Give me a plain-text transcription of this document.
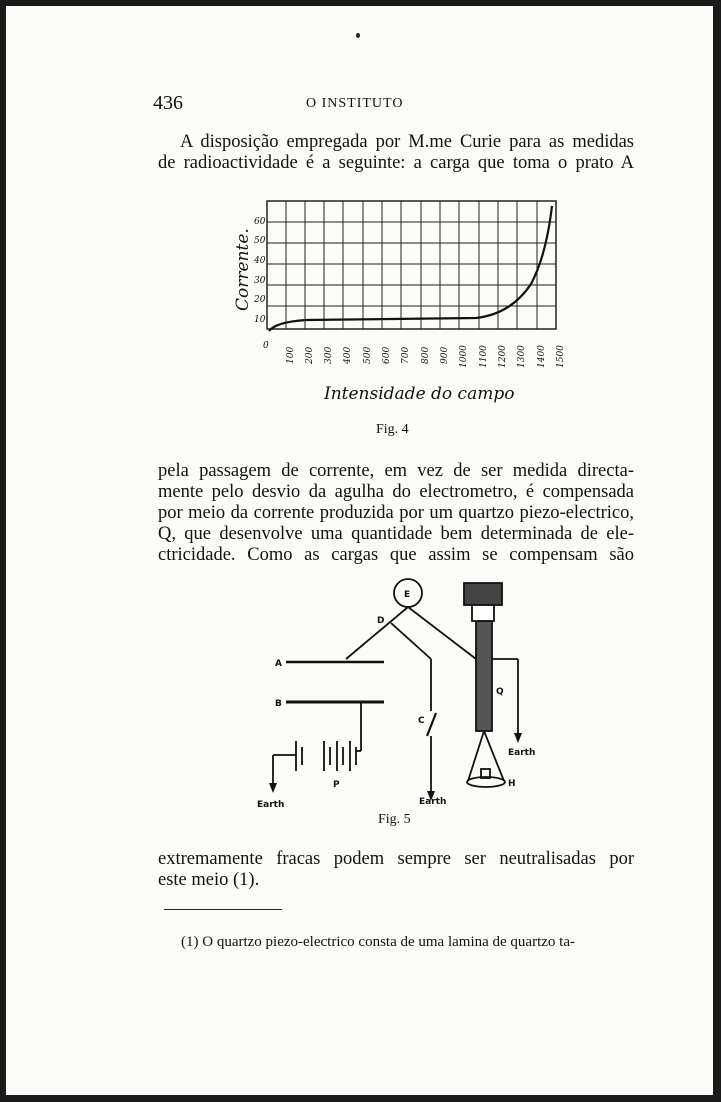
436	O INSTITUTO
A disposição empregada por M.me Curie para as medidas
de radioactividade é a seguinte: a carga que toma o prato A
60
50
40
30
20
10
Corrente.
0
100 200 300 400 500 600 700 800 900 1000 1100 1200 1300 1400 1500
Intensidade do campo
Fig. 4
pela passagem de corrente, em vez de ser medida directa-
mente pelo desvio da agulha do electrometro, é compensada
por meio da corrente produzida por um quartzo piezo-electrico,
Q, que desenvolve uma quantidade bem determinada de ele-
ctricidade. Como as cargas que assim se compensam são
E
D
A
B
C
P
Q
H
Earth	Earth
Earth
Fig. 5
extremamente fracas podem sempre ser neutralisadas por
este meio (1).
(1) O quartzo piezo-electrico consta de uma lamina de quartzo ta-
